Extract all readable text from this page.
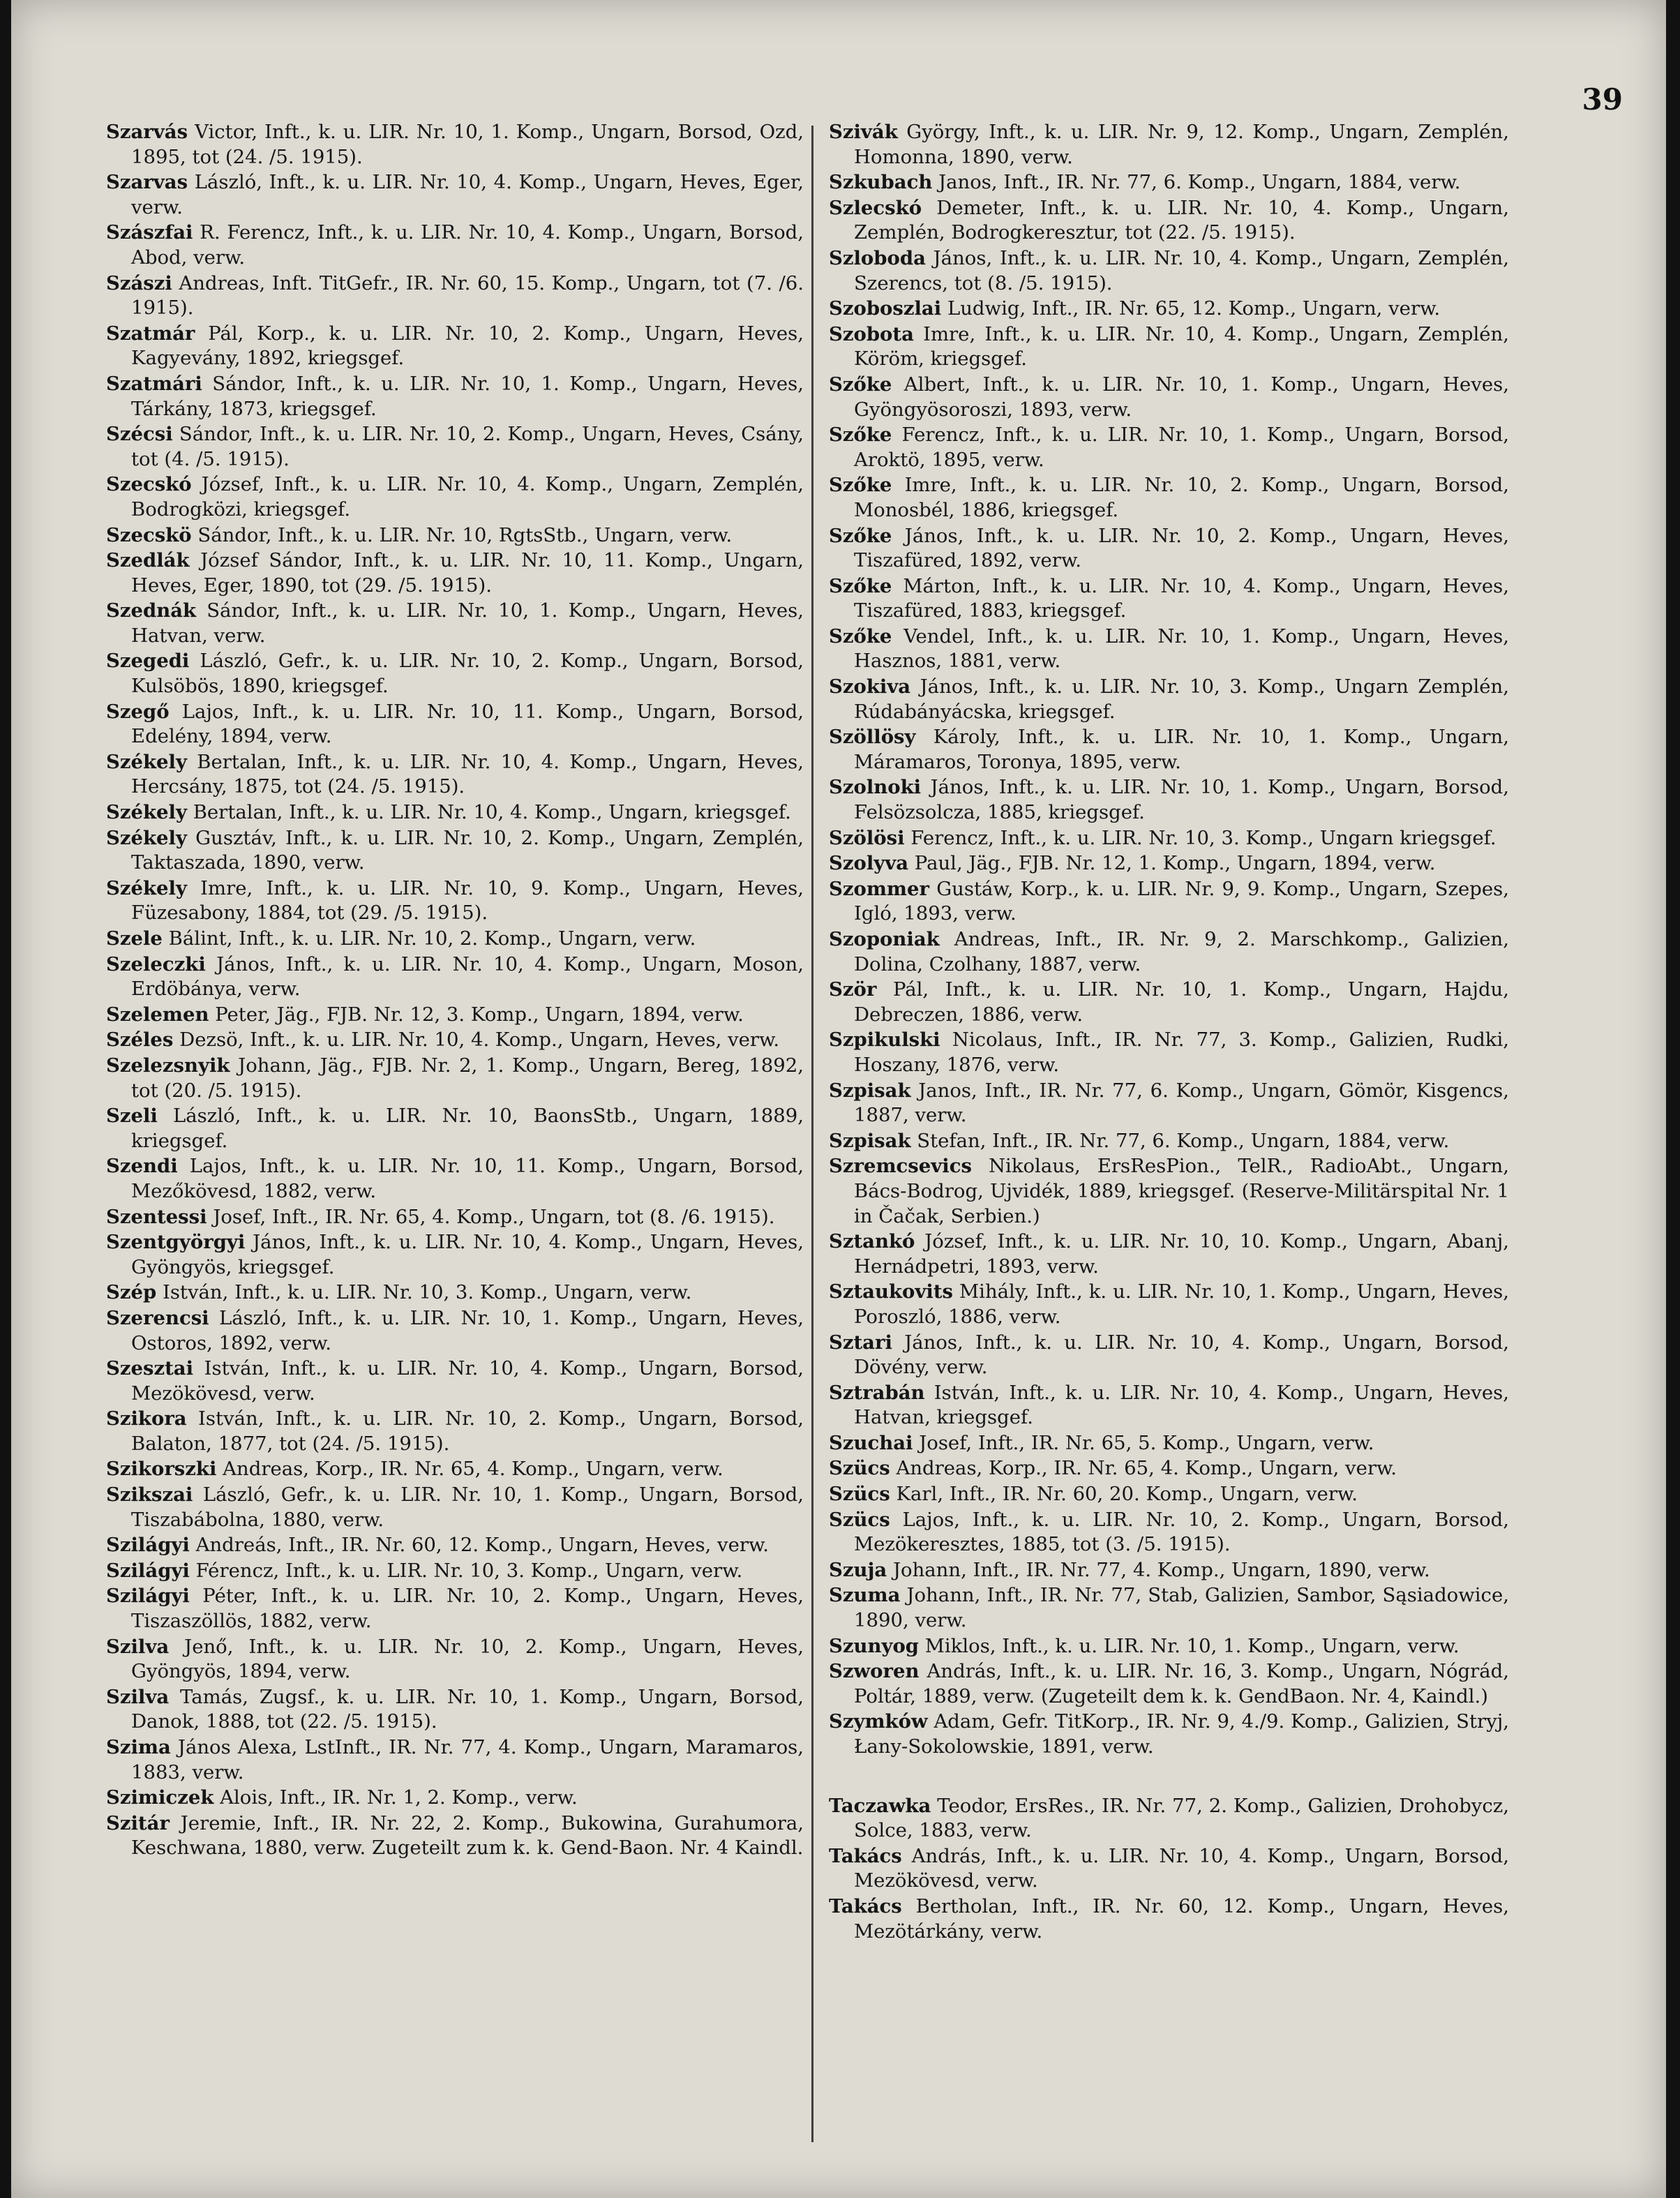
39

Szarvás Victor, Inft., k. u. LIR. Nr. 10, 1. Komp., Ungarn, Borsod, Ozd, 1895, tot (24. /5. 1915).

Szarvas László, Inft., k. u. LIR. Nr. 10, 4. Komp., Ungarn, Heves, Eger, verw.

Szászfai R. Ferencz, Inft., k. u. LIR. Nr. 10, 4. Komp., Ungarn, Borsod, Abod, verw.

Szászi Andreas, Inft. TitGefr., IR. Nr. 60, 15. Komp., Ungarn, tot (7. /6. 1915).

Szatmár Pál, Korp., k. u. LIR. Nr. 10, 2. Komp., Ungarn, Heves, Kagyevány, 1892, kriegsgef.

Szatmári Sándor, Inft., k. u. LIR. Nr. 10, 1. Komp., Ungarn, Heves, Tárkány, 1873, kriegsgef.

Szécsi Sándor, Inft., k. u. LIR. Nr. 10, 2. Komp., Ungarn, Heves, Csány, tot (4. /5. 1915).

Szecskó József, Inft., k. u. LIR. Nr. 10, 4. Komp., Ungarn, Zemplén, Bodrogközi, kriegsgef.

Szecskö Sándor, Inft., k. u. LIR. Nr. 10, RgtsStb., Ungarn, verw.

Szedlák József Sándor, Inft., k. u. LIR. Nr. 10, 11. Komp., Ungarn, Heves, Eger, 1890, tot (29. /5. 1915).

Szednák Sándor, Inft., k. u. LIR. Nr. 10, 1. Komp., Ungarn, Heves, Hatvan, verw.

Szegedi László, Gefr., k. u. LIR. Nr. 10, 2. Komp., Ungarn, Borsod, Kulsöbös, 1890, kriegsgef.

Szegő Lajos, Inft., k. u. LIR. Nr. 10, 11. Komp., Ungarn, Borsod, Edelény, 1894, verw.

Székely Bertalan, Inft., k. u. LIR. Nr. 10, 4. Komp., Ungarn, Heves, Hercsány, 1875, tot (24. /5. 1915).

Székely Bertalan, Inft., k. u. LIR. Nr. 10, 4. Komp., Ungarn, kriegsgef.

Székely Gusztáv, Inft., k. u. LIR. Nr. 10, 2. Komp., Ungarn, Zemplén, Taktaszada, 1890, verw.

Székely Imre, Inft., k. u. LIR. Nr. 10, 9. Komp., Ungarn, Heves, Füzesabony, 1884, tot (29. /5. 1915).

Szele Bálint, Inft., k. u. LIR. Nr. 10, 2. Komp., Ungarn, verw.

Szeleczki János, Inft., k. u. LIR. Nr. 10, 4. Komp., Ungarn, Moson, Erdöbánya, verw.

Szelemen Peter, Jäg., FJB. Nr. 12, 3. Komp., Ungarn, 1894, verw.

Széles Dezsö, Inft., k. u. LIR. Nr. 10, 4. Komp., Ungarn, Heves, verw.

Szelezsnyik Johann, Jäg., FJB. Nr. 2, 1. Komp., Ungarn, Bereg, 1892, tot (20. /5. 1915).

Szeli László, Inft., k. u. LIR. Nr. 10, BaonsStb., Ungarn, 1889, kriegsgef.

Szendi Lajos, Inft., k. u. LIR. Nr. 10, 11. Komp., Ungarn, Borsod, Mezőkövesd, 1882, verw.

Szentessi Josef, Inft., IR. Nr. 65, 4. Komp., Ungarn, tot (8. /6. 1915).

Szentgyörgyi János, Inft., k. u. LIR. Nr. 10, 4. Komp., Ungarn, Heves, Gyöngyös, kriegsgef.

Szép István, Inft., k. u. LIR. Nr. 10, 3. Komp., Ungarn, verw.

Szerencsi László, Inft., k. u. LIR. Nr. 10, 1. Komp., Ungarn, Heves, Ostoros, 1892, verw.

Szesztai István, Inft., k. u. LIR. Nr. 10, 4. Komp., Ungarn, Borsod, Mezökövesd, verw.

Szikora István, Inft., k. u. LIR. Nr. 10, 2. Komp., Ungarn, Borsod, Balaton, 1877, tot (24. /5. 1915).

Szikorszki Andreas, Korp., IR. Nr. 65, 4. Komp., Ungarn, verw.

Szikszai László, Gefr., k. u. LIR. Nr. 10, 1. Komp., Ungarn, Borsod, Tiszabábolna, 1880, verw.

Szilágyi Andreás, Inft., IR. Nr. 60, 12. Komp., Ungarn, Heves, verw.

Szilágyi Férencz, Inft., k. u. LIR. Nr. 10, 3. Komp., Ungarn, verw.

Szilágyi Péter, Inft., k. u. LIR. Nr. 10, 2. Komp., Ungarn, Heves, Tiszaszöllös, 1882, verw.

Szilva Jenő, Inft., k. u. LIR. Nr. 10, 2. Komp., Ungarn, Heves, Gyöngyös, 1894, verw.

Szilva Tamás, Zugsf., k. u. LIR. Nr. 10, 1. Komp., Ungarn, Borsod, Danok, 1888, tot (22. /5. 1915).

Szima János Alexa, LstInft., IR. Nr. 77, 4. Komp., Ungarn, Maramaros, 1883, verw.

Szimiczek Alois, Inft., IR. Nr. 1, 2. Komp., verw.

Szitár Jeremie, Inft., IR. Nr. 22, 2. Komp., Bukowina, Gurahumora, Keschwana, 1880, verw. Zugeteilt zum k. k. Gend-Baon. Nr. 4 Kaindl.

Szivák György, Inft., k. u. LIR. Nr. 9, 12. Komp., Ungarn, Zemplén, Homonna, 1890, verw.

Szkubach Janos, Inft., IR. Nr. 77, 6. Komp., Ungarn, 1884, verw.

Szlecskó Demeter, Inft., k. u. LIR. Nr. 10, 4. Komp., Ungarn, Zemplén, Bodrogkeresztur, tot (22. /5. 1915).

Szloboda János, Inft., k. u. LIR. Nr. 10, 4. Komp., Ungarn, Zemplén, Szerencs, tot (8. /5. 1915).

Szoboszlai Ludwig, Inft., IR. Nr. 65, 12. Komp., Ungarn, verw.

Szobota Imre, Inft., k. u. LIR. Nr. 10, 4. Komp., Ungarn, Zemplén, Köröm, kriegsgef.

Szőke Albert, Inft., k. u. LIR. Nr. 10, 1. Komp., Ungarn, Heves, Gyöngyösoroszi, 1893, verw.

Szőke Ferencz, Inft., k. u. LIR. Nr. 10, 1. Komp., Ungarn, Borsod, Aroktö, 1895, verw.

Szőke Imre, Inft., k. u. LIR. Nr. 10, 2. Komp., Ungarn, Borsod, Monosbél, 1886, kriegsgef.

Szőke János, Inft., k. u. LIR. Nr. 10, 2. Komp., Ungarn, Heves, Tiszafüred, 1892, verw.

Szőke Márton, Inft., k. u. LIR. Nr. 10, 4. Komp., Ungarn, Heves, Tiszafüred, 1883, kriegsgef.

Szőke Vendel, Inft., k. u. LIR. Nr. 10, 1. Komp., Ungarn, Heves, Hasznos, 1881, verw.

Szokiva János, Inft., k. u. LIR. Nr. 10, 3. Komp., Ungarn Zemplén, Rúdabányácska, kriegsgef.

Szöllösy Károly, Inft., k. u. LIR. Nr. 10, 1. Komp., Ungarn, Máramaros, Toronya, 1895, verw.

Szolnoki János, Inft., k. u. LIR. Nr. 10, 1. Komp., Ungarn, Borsod, Felsözsolcza, 1885, kriegsgef.

Szölösi Ferencz, Inft., k. u. LIR. Nr. 10, 3. Komp., Ungarn kriegsgef.

Szolyva Paul, Jäg., FJB. Nr. 12, 1. Komp., Ungarn, 1894, verw.

Szommer Gustáw, Korp., k. u. LIR. Nr. 9, 9. Komp., Ungarn, Szepes, Igló, 1893, verw.

Szoponiak Andreas, Inft., IR. Nr. 9, 2. Marschkomp., Galizien, Dolina, Czolhany, 1887, verw.

Ször Pál, Inft., k. u. LIR. Nr. 10, 1. Komp., Ungarn, Hajdu, Debreczen, 1886, verw.

Szpikulski Nicolaus, Inft., IR. Nr. 77, 3. Komp., Galizien, Rudki, Hoszany, 1876, verw.

Szpisak Janos, Inft., IR. Nr. 77, 6. Komp., Ungarn, Gömör, Kisgencs, 1887, verw.

Szpisak Stefan, Inft., IR. Nr. 77, 6. Komp., Ungarn, 1884, verw.

Szremcsevics Nikolaus, ErsResPion., TelR., RadioAbt., Ungarn, Bács-Bodrog, Ujvidék, 1889, kriegsgef. (Reserve-Militärspital Nr. 1 in Čačak, Serbien.)

Sztankó József, Inft., k. u. LIR. Nr. 10, 10. Komp., Ungarn, Abanj, Hernádpetri, 1893, verw.

Sztaukovits Mihály, Inft., k. u. LIR. Nr. 10, 1. Komp., Ungarn, Heves, Poroszló, 1886, verw.

Sztari János, Inft., k. u. LIR. Nr. 10, 4. Komp., Ungarn, Borsod, Dövény, verw.

Sztrabán István, Inft., k. u. LIR. Nr. 10, 4. Komp., Ungarn, Heves, Hatvan, kriegsgef.

Szuchai Josef, Inft., IR. Nr. 65, 5. Komp., Ungarn, verw.

Szücs Andreas, Korp., IR. Nr. 65, 4. Komp., Ungarn, verw.

Szücs Karl, Inft., IR. Nr. 60, 20. Komp., Ungarn, verw.

Szücs Lajos, Inft., k. u. LIR. Nr. 10, 2. Komp., Ungarn, Borsod, Mezökeresztes, 1885, tot (3. /5. 1915).

Szuja Johann, Inft., IR. Nr. 77, 4. Komp., Ungarn, 1890, verw.

Szuma Johann, Inft., IR. Nr. 77, Stab, Galizien, Sambor, Sąsiadowice, 1890, verw.

Szunyog Miklos, Inft., k. u. LIR. Nr. 10, 1. Komp., Ungarn, verw.

Szworen András, Inft., k. u. LIR. Nr. 16, 3. Komp., Ungarn, Nógrád, Poltár, 1889, verw. (Zugeteilt dem k. k. GendBaon. Nr. 4, Kaindl.)

Szymków Adam, Gefr. TitKorp., IR. Nr. 9, 4./9. Komp., Galizien, Stryj, Łany-Sokolowskie, 1891, verw.

Taczawka Teodor, ErsRes., IR. Nr. 77, 2. Komp., Galizien, Drohobycz, Solce, 1883, verw.

Takács András, Inft., k. u. LIR. Nr. 10, 4. Komp., Ungarn, Borsod, Mezökövesd, verw.

Takács Bertholan, Inft., IR. Nr. 60, 12. Komp., Ungarn, Heves, Mezötárkány, verw.
